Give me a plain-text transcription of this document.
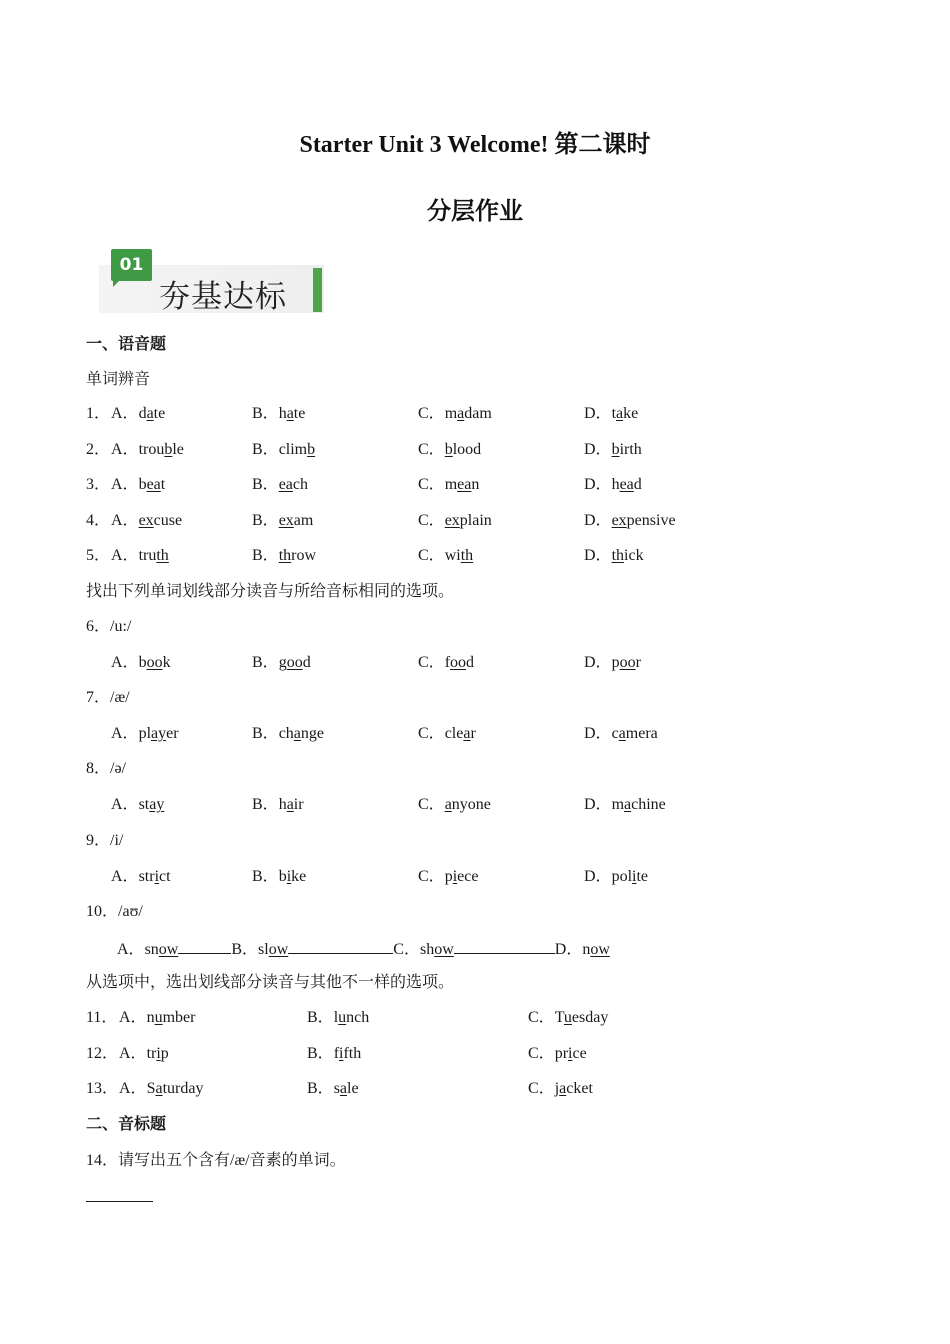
Starter Unit 3 Welcome! 第二课时
分层作业
01
夯基达标
一、语音题
单词辨音
1． A．date	B．hate	C．madam	D．take
2． A．trouble	B．climb	C．blood	D．birth
3． A．beat	B．each	C．mean	D．head
4． A．excuse	B．exam	C．explain	D．expensive
5． A．truth	B．throw	C．with	D．thick
找出下列单词划线部分读音与所给音标相同的选项。
6．/u:/
A．book	B．good	C．food	D．poor
7．/æ/
A．player	B．change	C．clear	D．camera
8．/ə/
A．stay	B．hair	C．anyone	D．machine
9．/i/
A．strict	B．bike	C．piece	D．polite
10．/aʊ/
A．snow	B．slow	C．show	D．now
从选项中，选出划线部分读音与其他不一样的选项。
11． A．number	B．lunch	C．Tuesday
12． A．trip	B．fifth	C．price
13． A．Saturday	B．sale	C．jacket
二、音标题
14．请写出五个含有/æ/音素的单词。
